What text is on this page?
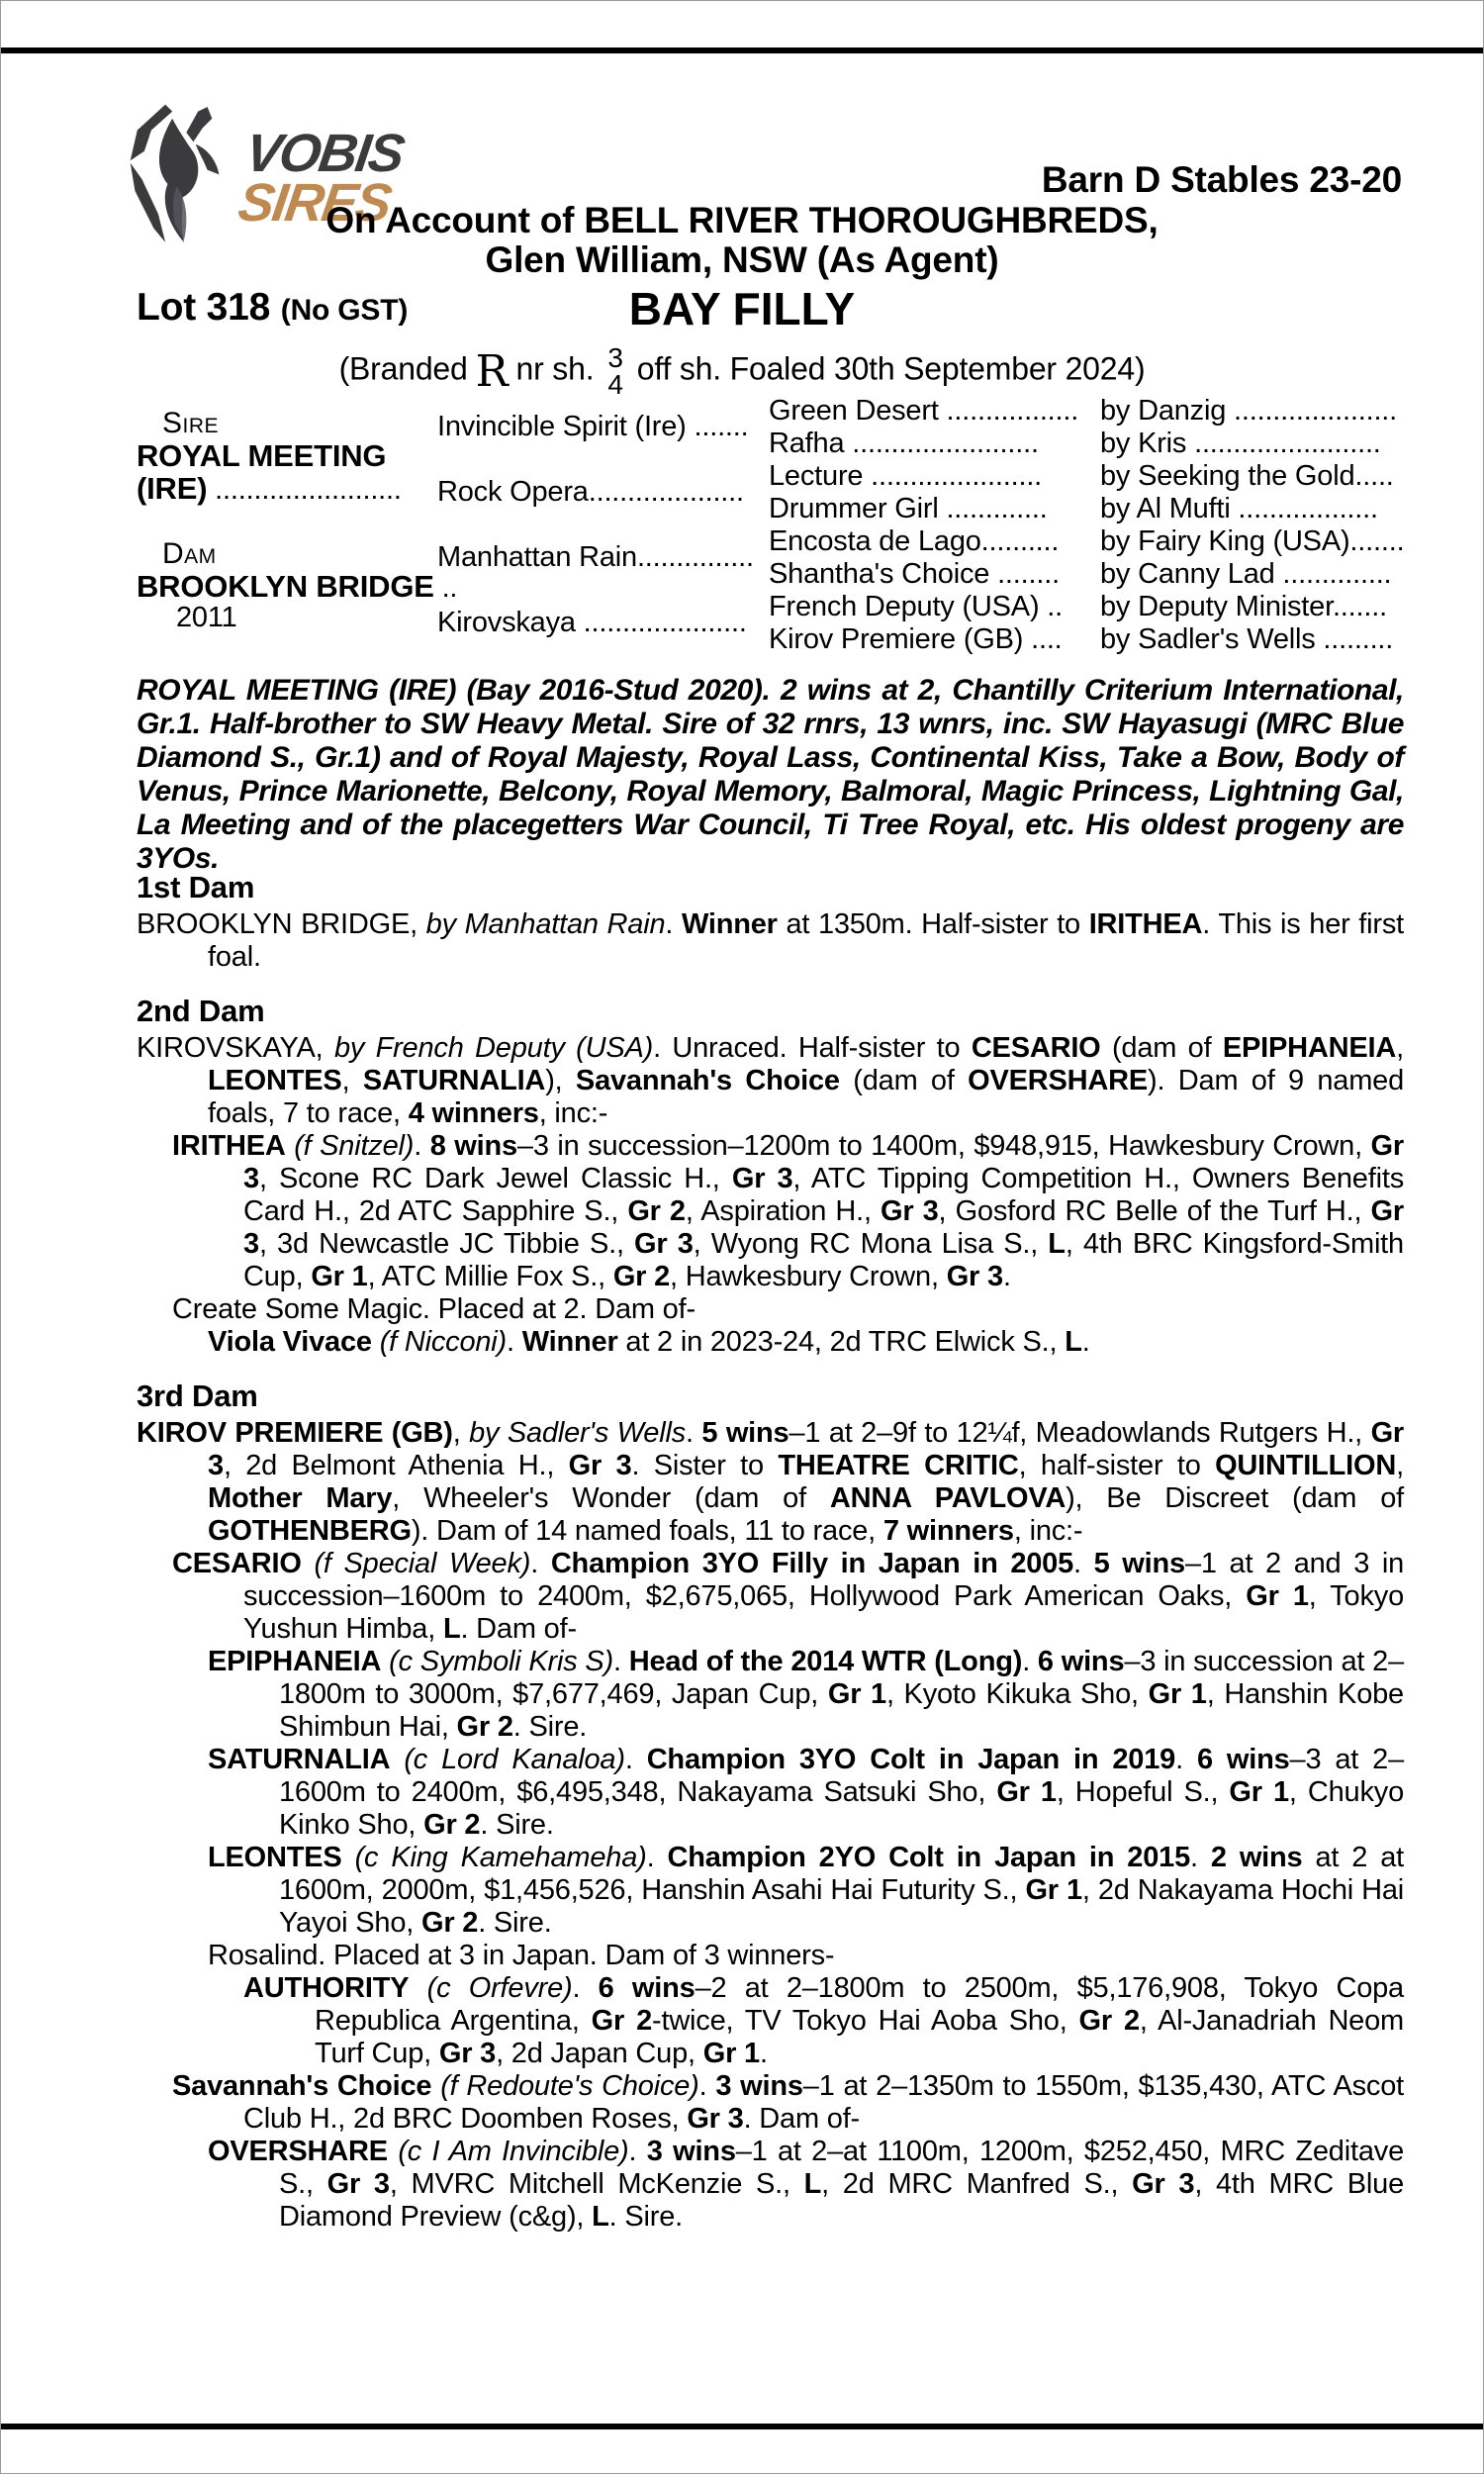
VOBIS
SIRES	Barn D Stables 23-20
On Account of BELL RIVER THOROUGHBREDS,
Glen William, NSW (As Agent)
Lot 318 (No GST)	BAY FILLY
(Branded R nr sh. 3
4 off sh. Foaled 30th September 2024)
Sire
ROYAL MEETING
(IRE) ........................
Dam
BROOKLYN BRIDGE ..
2011
Invincible Spirit (Ire) .......
Rock Opera....................
Manhattan Rain...............
Kirovskaya .....................
Green Desert ................. by Danzig .....................
Rafha ........................ by Kris ........................
Lecture ...................... by Seeking the Gold.....
Drummer Girl ............. by Al Mufti ..................
Encosta de Lago.......... by Fairy King (USA).......
Shantha's Choice ........ by Canny Lad ..............
French Deputy (USA) .. by Deputy Minister.......
Kirov Premiere (GB) .... by Sadler's Wells .........
ROYAL MEETING (IRE) (Bay 2016-Stud 2020). 2 wins at 2, Chantilly Criterium International, Gr.1. Half-brother to SW Heavy Metal. Sire of 32 rnrs, 13 wnrs, inc. SW Hayasugi (MRC Blue Diamond S., Gr.1) and of Royal Majesty, Royal Lass, Continental Kiss, Take a Bow, Body of Venus, Prince Marionette, Belcony, Royal Memory, Balmoral, Magic Princess, Lightning Gal, La Meeting and of the placegetters War Council, Ti Tree Royal, etc. His oldest progeny are 3YOs.
1st Dam

BROOKLYN BRIDGE, by Manhattan Rain. Winner at 1350m. Half-sister to IRITHEA. This is her first foal.

2nd Dam

KIROVSKAYA, by French Deputy (USA). Unraced. Half-sister to CESARIO (dam of EPIPHANEIA, LEONTES, SATURNALIA), Savannah's Choice (dam of OVERSHARE). Dam of 9 named foals, 7 to race, 4 winners, inc:-

IRITHEA (f Snitzel). 8 wins–3 in succession–1200m to 1400m, $948,915, Hawkesbury Crown, Gr 3, Scone RC Dark Jewel Classic H., Gr 3, ATC Tipping Competition H., Owners Benefits Card H., 2d ATC Sapphire S., Gr 2, Aspiration H., Gr 3, Gosford RC Belle of the Turf H., Gr 3, 3d Newcastle JC Tibbie S., Gr 3, Wyong RC Mona Lisa S., L, 4th BRC Kingsford-Smith Cup, Gr 1, ATC Millie Fox S., Gr 2, Hawkesbury Crown, Gr 3.

Create Some Magic. Placed at 2. Dam of-

Viola Vivace (f Nicconi). Winner at 2 in 2023-24, 2d TRC Elwick S., L.

3rd Dam

KIROV PREMIERE (GB), by Sadler's Wells. 5 wins–1 at 2–9f to 12¼f, Meadowlands Rutgers H., Gr 3, 2d Belmont Athenia H., Gr 3. Sister to THEATRE CRITIC, half-sister to QUINTILLION, Mother Mary, Wheeler's Wonder (dam of ANNA PAVLOVA), Be Discreet (dam of GOTHENBERG). Dam of 14 named foals, 11 to race, 7 winners, inc:-

CESARIO (f Special Week). Champion 3YO Filly in Japan in 2005. 5 wins–1 at 2 and 3 in succession–1600m to 2400m, $2,675,065, Hollywood Park American Oaks, Gr 1, Tokyo Yushun Himba, L. Dam of-

EPIPHANEIA (c Symboli Kris S). Head of the 2014 WTR (Long). 6 wins–3 in succession at 2–1800m to 3000m, $7,677,469, Japan Cup, Gr 1, Kyoto Kikuka Sho, Gr 1, Hanshin Kobe Shimbun Hai, Gr 2. Sire.

SATURNALIA (c Lord Kanaloa). Champion 3YO Colt in Japan in 2019. 6 wins–3 at 2–1600m to 2400m, $6,495,348, Nakayama Satsuki Sho, Gr 1, Hopeful S., Gr 1, Chukyo Kinko Sho, Gr 2. Sire.

LEONTES (c King Kamehameha). Champion 2YO Colt in Japan in 2015. 2 wins at 2 at 1600m, 2000m, $1,456,526, Hanshin Asahi Hai Futurity S., Gr 1, 2d Nakayama Hochi Hai Yayoi Sho, Gr 2. Sire.

Rosalind. Placed at 3 in Japan. Dam of 3 winners-

AUTHORITY (c Orfevre). 6 wins–2 at 2–1800m to 2500m, $5,176,908, Tokyo Copa Republica Argentina, Gr 2-twice, TV Tokyo Hai Aoba Sho, Gr 2, Al-Janadriah Neom Turf Cup, Gr 3, 2d Japan Cup, Gr 1.

Savannah's Choice (f Redoute's Choice). 3 wins–1 at 2–1350m to 1550m, $135,430, ATC Ascot Club H., 2d BRC Doomben Roses, Gr 3. Dam of-

OVERSHARE (c I Am Invincible). 3 wins–1 at 2–at 1100m, 1200m, $252,450, MRC Zeditave S., Gr 3, MVRC Mitchell McKenzie S., L, 2d MRC Manfred S., Gr 3, 4th MRC Blue Diamond Preview (c&g), L. Sire.
